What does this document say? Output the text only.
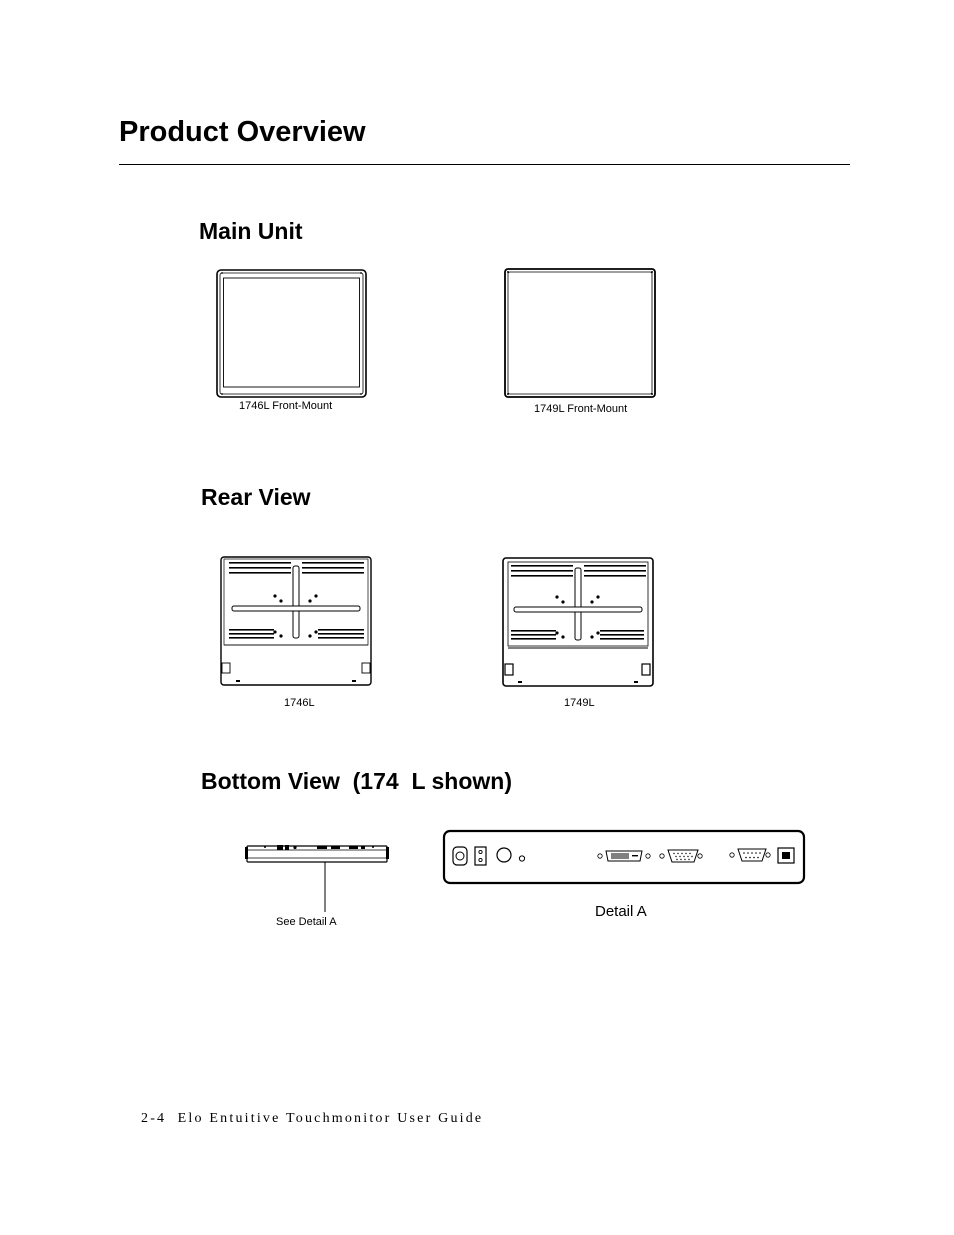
Product Overview
Main Unit
1746L Front-Mount	1749L Front-Mount
Rear View
1746L	1749L
Bottom View  (174  L shown)
See Detail A
Detail A
2-4  Elo Entuitive Touchmonitor User Guide
